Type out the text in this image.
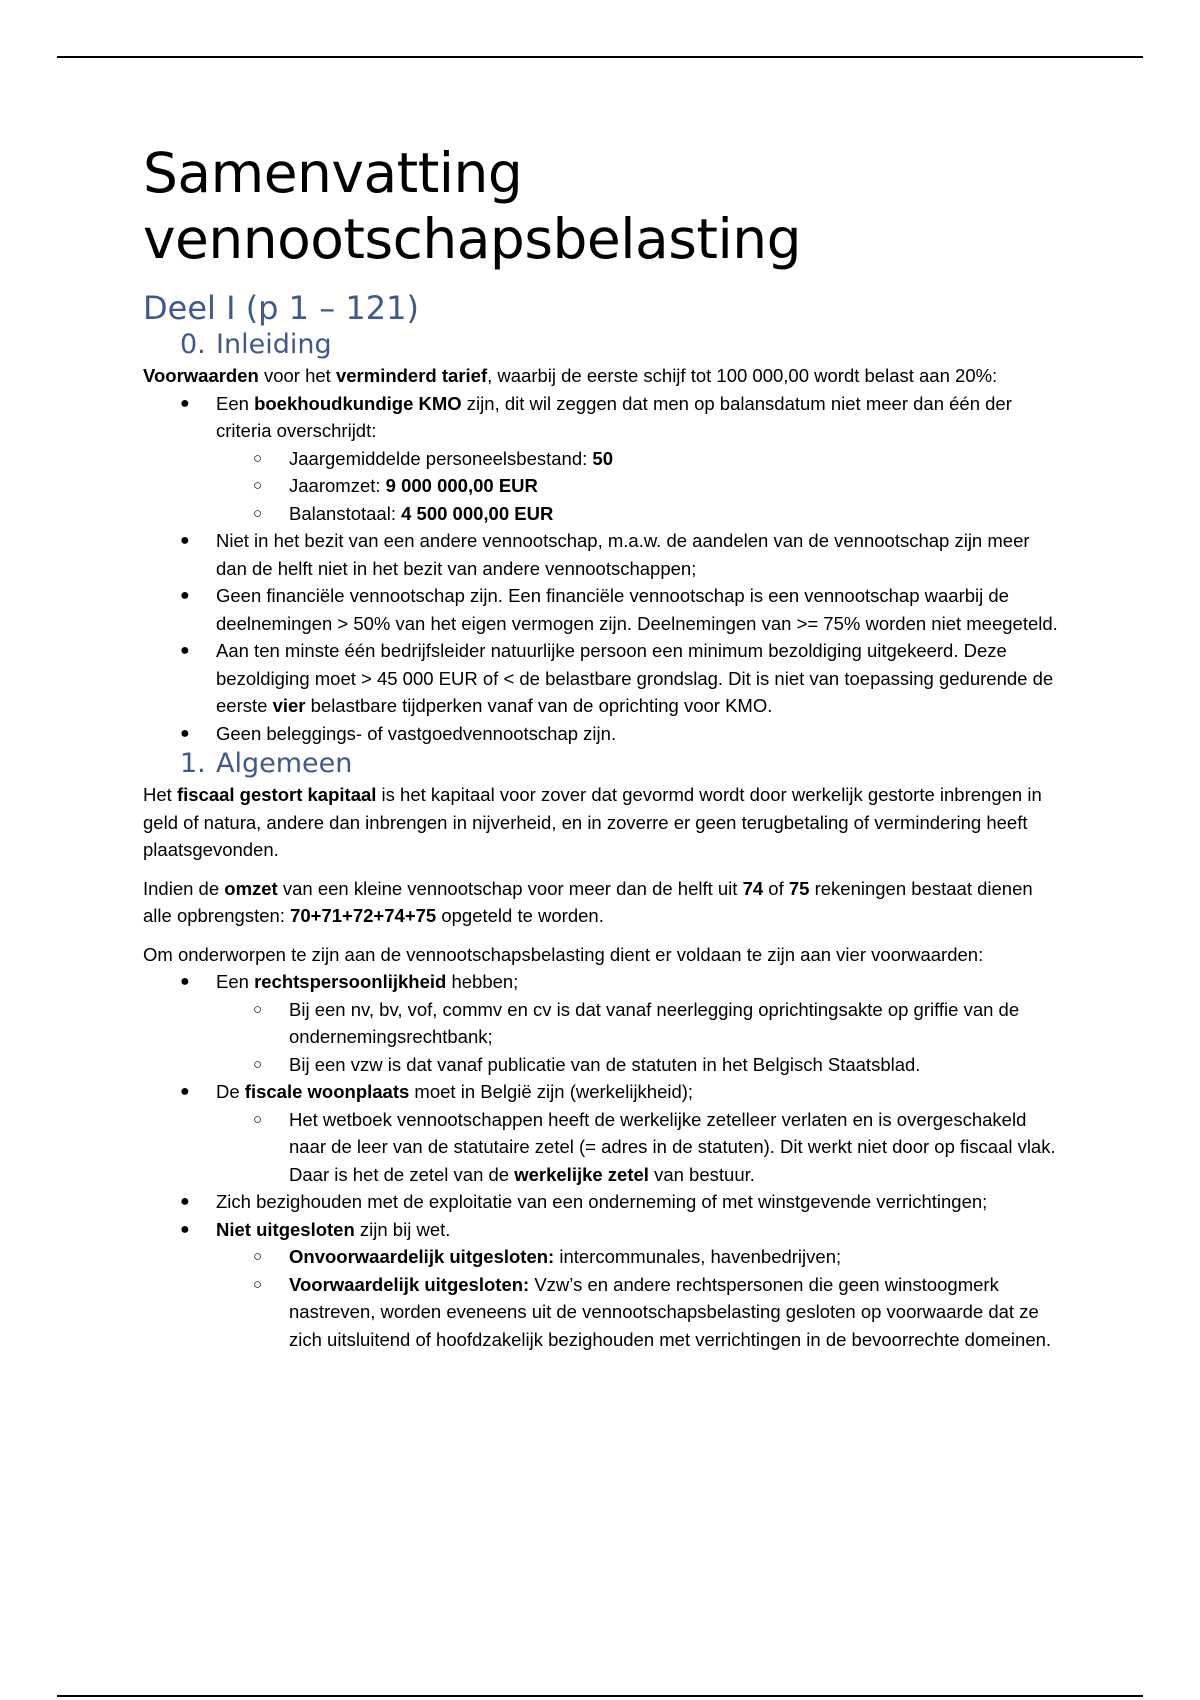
Samenvatting
vennootschapsbelasting
Deel I (p 1 – 121)
0. Inleiding

Voorwaarden voor het verminderd tarief, waarbij de eerste schijf tot 100 000,00 wordt belast aan 20%:

● Een boekhoudkundige KMO zijn, dit wil zeggen dat men op balansdatum niet meer dan één der criteria overschrijdt:
○ Jaargemiddelde personeelsbestand: 50
○ Jaaromzet: 9 000 000,00 EUR
○ Balanstotaal: 4 500 000,00 EUR
● Niet in het bezit van een andere vennootschap, m.a.w. de aandelen van de vennootschap zijn meer dan de helft niet in het bezit van andere vennootschappen;
● Geen financiële vennootschap zijn. Een financiële vennootschap is een vennootschap waarbij de deelnemingen > 50% van het eigen vermogen zijn. Deelnemingen van >= 75% worden niet meegeteld.
● Aan ten minste één bedrijfsleider natuurlijke persoon een minimum bezoldiging uitgekeerd. Deze bezoldiging moet > 45 000 EUR of < de belastbare grondslag. Dit is niet van toepassing gedurende de eerste vier belastbare tijdperken vanaf van de oprichting voor KMO.
● Geen beleggings- of vastgoedvennootschap zijn.
1. Algemeen

Het fiscaal gestort kapitaal is het kapitaal voor zover dat gevormd wordt door werkelijk gestorte inbrengen in geld of natura, andere dan inbrengen in nijverheid, en in zoverre er geen terugbetaling of vermindering heeft plaatsgevonden.

Indien de omzet van een kleine vennootschap voor meer dan de helft uit 74 of 75 rekeningen bestaat dienen alle opbrengsten: 70+71+72+74+75 opgeteld te worden.

Om onderworpen te zijn aan de vennootschapsbelasting dient er voldaan te zijn aan vier voorwaarden:

● Een rechtspersoonlijkheid hebben;
○ Bij een nv, bv, vof, commv en cv is dat vanaf neerlegging oprichtingsakte op griffie van de ondernemingsrechtbank;
○ Bij een vzw is dat vanaf publicatie van de statuten in het Belgisch Staatsblad.
● De fiscale woonplaats moet in België zijn (werkelijkheid);
○ Het wetboek vennootschappen heeft de werkelijke zetelleer verlaten en is overgeschakeld naar de leer van de statutaire zetel (= adres in de statuten). Dit werkt niet door op fiscaal vlak. Daar is het de zetel van de werkelijke zetel van bestuur.
● Zich bezighouden met de exploitatie van een onderneming of met winstgevende verrichtingen;
● Niet uitgesloten zijn bij wet.
○ Onvoorwaardelijk uitgesloten: intercommunales, havenbedrijven;
○ Voorwaardelijk uitgesloten: Vzw’s en andere rechtspersonen die geen winstoogmerk nastreven, worden eveneens uit de vennootschapsbelasting gesloten op voorwaarde dat ze zich uitsluitend of hoofdzakelijk bezighouden met verrichtingen in de bevoorrechte domeinen.
